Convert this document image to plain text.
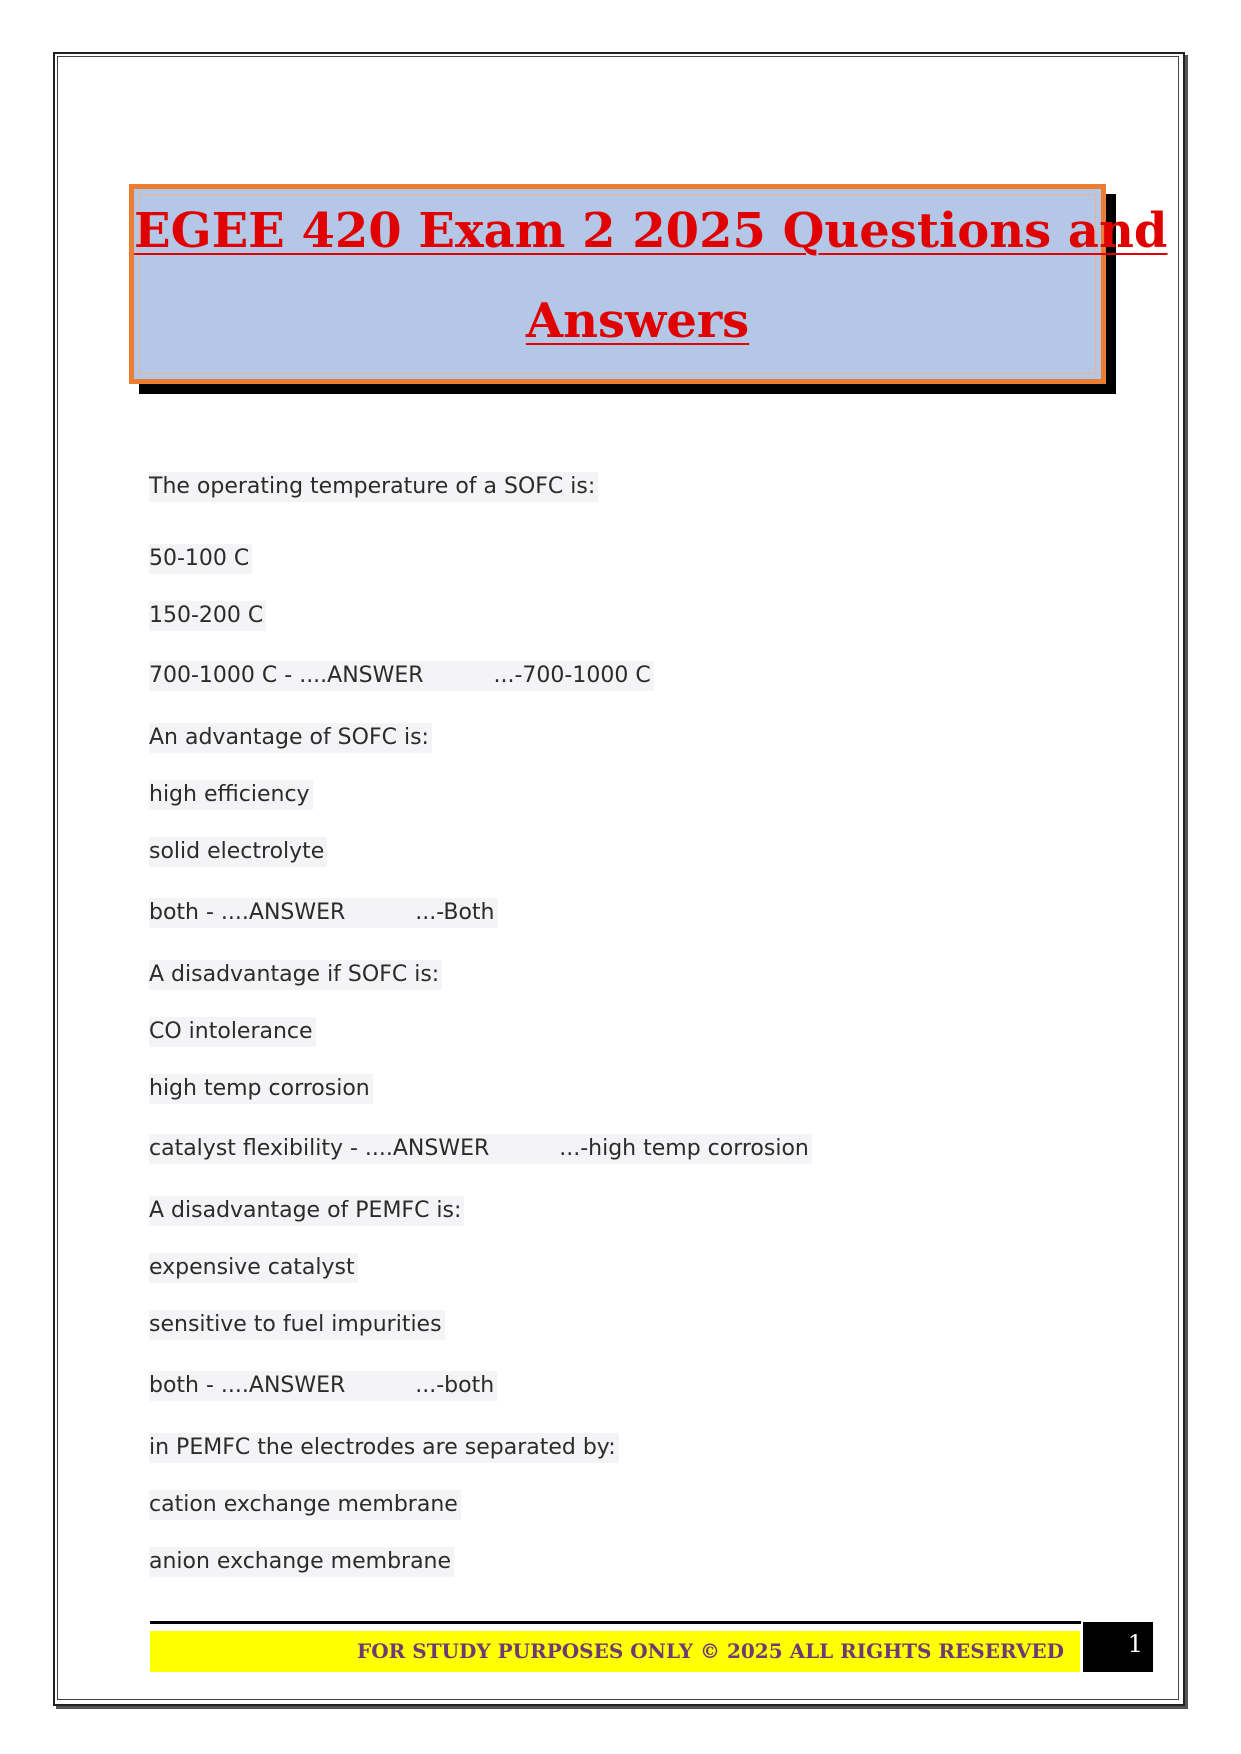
EGEE 420 Exam 2 2025 Questions and
Answers
The operating temperature of a SOFC is:
50-100 C
150-200 C
700-1000 C - ....ANSWER          ...-700-1000 C
An advantage of SOFC is:
high efficiency
solid electrolyte
both - ....ANSWER          ...-Both
A disadvantage if SOFC is:
CO intolerance
high temp corrosion
catalyst flexibility - ....ANSWER          ...-high temp corrosion
A disadvantage of PEMFC is:
expensive catalyst
sensitive to fuel impurities
both - ....ANSWER          ...-both
in PEMFC the electrodes are separated by:
cation exchange membrane
anion exchange membrane
FOR STUDY PURPOSES ONLY © 2025 ALL RIGHTS RESERVED	1
